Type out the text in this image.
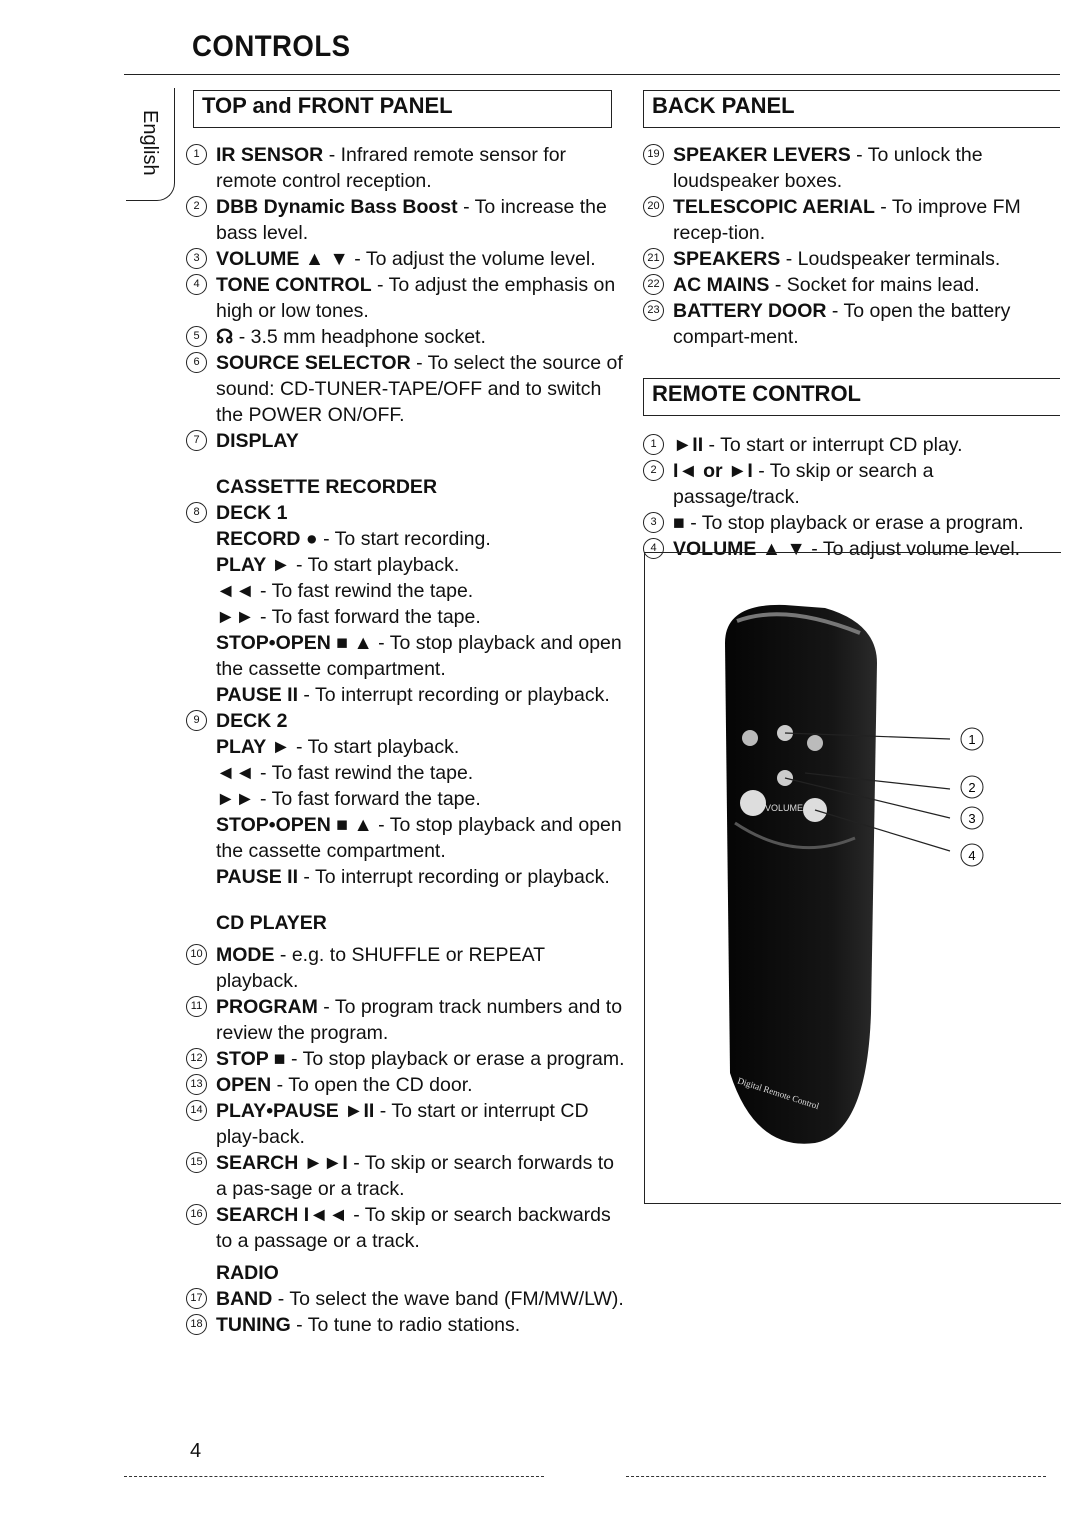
CONTROLS
English
TOP and FRONT PANEL

1 IR SENSOR - Infrared remote sensor for remote control reception.

2 DBB Dynamic Bass Boost - To increase the bass level.

3 VOLUME ▲ ▼ - To adjust the volume level.

4 TONE CONTROL - To adjust the emphasis on high or low tones.

5 ☊ - 3.5 mm headphone socket.

6 SOURCE SELECTOR - To select the source of sound: CD-TUNER-TAPE/OFF and to switch the POWER ON/OFF.

7 DISPLAY

CASSETTE RECORDER

8 DECK 1

RECORD ● - To start recording.

PLAY ► - To start playback.

◄◄ - To fast rewind the tape.

►► - To fast forward the tape.

STOP•OPEN ■ ▲ - To stop playback and open the cassette compartment.

PAUSE II - To interrupt recording or playback.

9 DECK 2

PLAY ► - To start playback.

◄◄ - To fast rewind the tape.

►► - To fast forward the tape.

STOP•OPEN ■ ▲ - To stop playback and open the cassette compartment.

PAUSE II - To interrupt recording or playback.

CD PLAYER

10 MODE - e.g. to SHUFFLE or REPEAT playback.

11 PROGRAM - To program track numbers and to review the program.

12 STOP ■ - To stop playback or erase a program.

13 OPEN - To open the CD door.

14 PLAY•PAUSE ►II - To start or interrupt CD play-back.

15 SEARCH ►►I - To skip or search forwards to a pas-sage or a track.

16 SEARCH I◄◄ - To skip or search backwards to a passage or a track.

RADIO

17 BAND - To select the wave band (FM/MW/LW).

18 TUNING - To tune to radio stations.

BACK PANEL

19 SPEAKER LEVERS - To unlock the loudspeaker boxes.

20 TELESCOPIC AERIAL - To improve FM recep-tion.

21 SPEAKERS - Loudspeaker terminals.

22 AC MAINS - Socket for mains lead.

23 BATTERY DOOR - To open the battery compart-ment.

REMOTE CONTROL

1 ►II - To start or interrupt CD play.

2 I◄ or ►I - To skip or search a passage/track.

3 ■ - To stop playback or erase a program.

4 VOLUME ▲ ▼ - To adjust volume level.

VOLUME
Digital Remote Control
1
2
3
4
4
